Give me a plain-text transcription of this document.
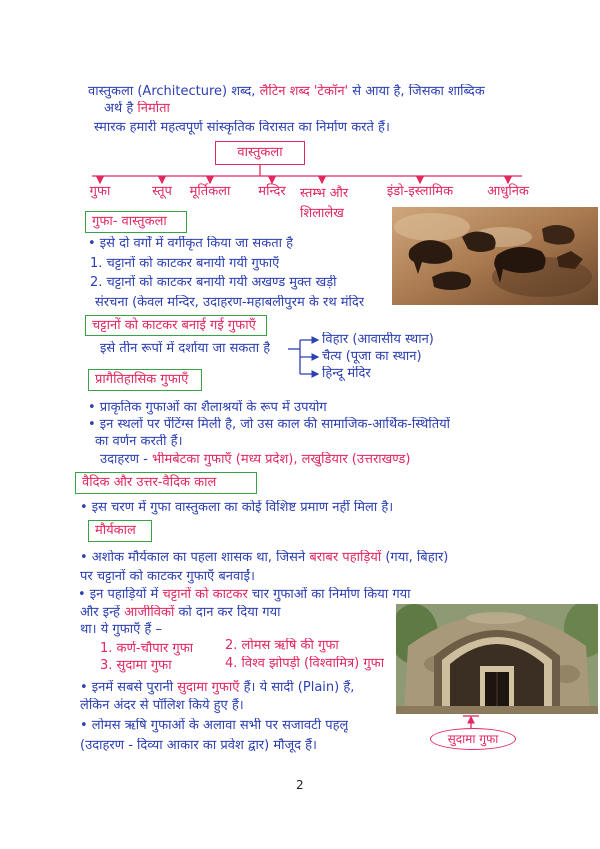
वास्तुकला (Architecture) शब्द, लैटिन शब्द 'टेकॉन' से आया है, जिसका शाब्दिक
अर्थ है निर्माता
स्मारक हमारी महत्वपूर्ण सांस्कृतिक विरासत का निर्माण करते हैं।
वास्तुकला
गुफा	स्तूप मूर्तिकला मन्दिर स्तम्भ और शिलालेख
इंडो-इस्लामिक	आधुनिक
गुफा- वास्तुकला
• इसे दो वर्गों में वर्गीकृत किया जा सकता है
1. चट्टानों को काटकर बनायी गयी गुफाएँ
2. चट्टानों को काटकर बनायी गयी अखण्ड मुक्त खड़ी
संरचना (केवल मन्दिर, उदाहरण-महाबलीपुरम के रथ मंदिर
चट्टानों को काटकर बनाई गई गुफाएँ
इसे तीन रूपों में दर्शाया जा सकता है
विहार (आवासीय स्थान)
चैत्य (पूजा का स्थान)
हिन्दू मंदिर
प्रागैतिहासिक गुफाएँ
• प्राकृतिक गुफाओं का शैलाश्रयों के रूप में उपयोग
• इन स्थलों पर पेंटिंग्स मिली है, जो उस काल की सामाजिक-आर्थिक-स्थितियों
का वर्णन करती हैं।
उदाहरण - भीमबेटका गुफाएँ (मध्य प्रदेश), लखुडियार (उत्तराखण्ड)
वैदिक और उत्तर-वैदिक काल
• इस चरण में गुफा वास्तुकला का कोई विशिष्ट प्रमाण नहीं मिला है।
मौर्यकाल
• अशोक मौर्यकाल का पहला शासक था, जिसने बराबर पहाड़ियों (गया, बिहार)
पर चट्टानों को काटकर गुफाएँ बनवाईं।
• इन पहाड़ियों में चट्टानों को काटकर चार गुफाओं का निर्माण किया गया
और इन्हें आजीविकों को दान कर दिया गया
था। ये गुफाएँ हैं –
1. कर्ण-चौपार गुफा 2. लोमस ऋषि की गुफा
3. सुदामा गुफा	4. विश्व झोपड़ी (विश्वामित्र) गुफा
• इनमें सबसे पुरानी सुदामा गुफाएँ हैं। ये सादी (Plain) हैं,
लेकिन अंदर से पॉलिश किये हुए हैं।
• लोमस ऋषि गुफाओं के अलावा सभी पर सजावटी पहलू
(उदाहरण - दिव्या आकार का प्रवेश द्वार) मौजूद हैं।	सुदामा गुफा
2
